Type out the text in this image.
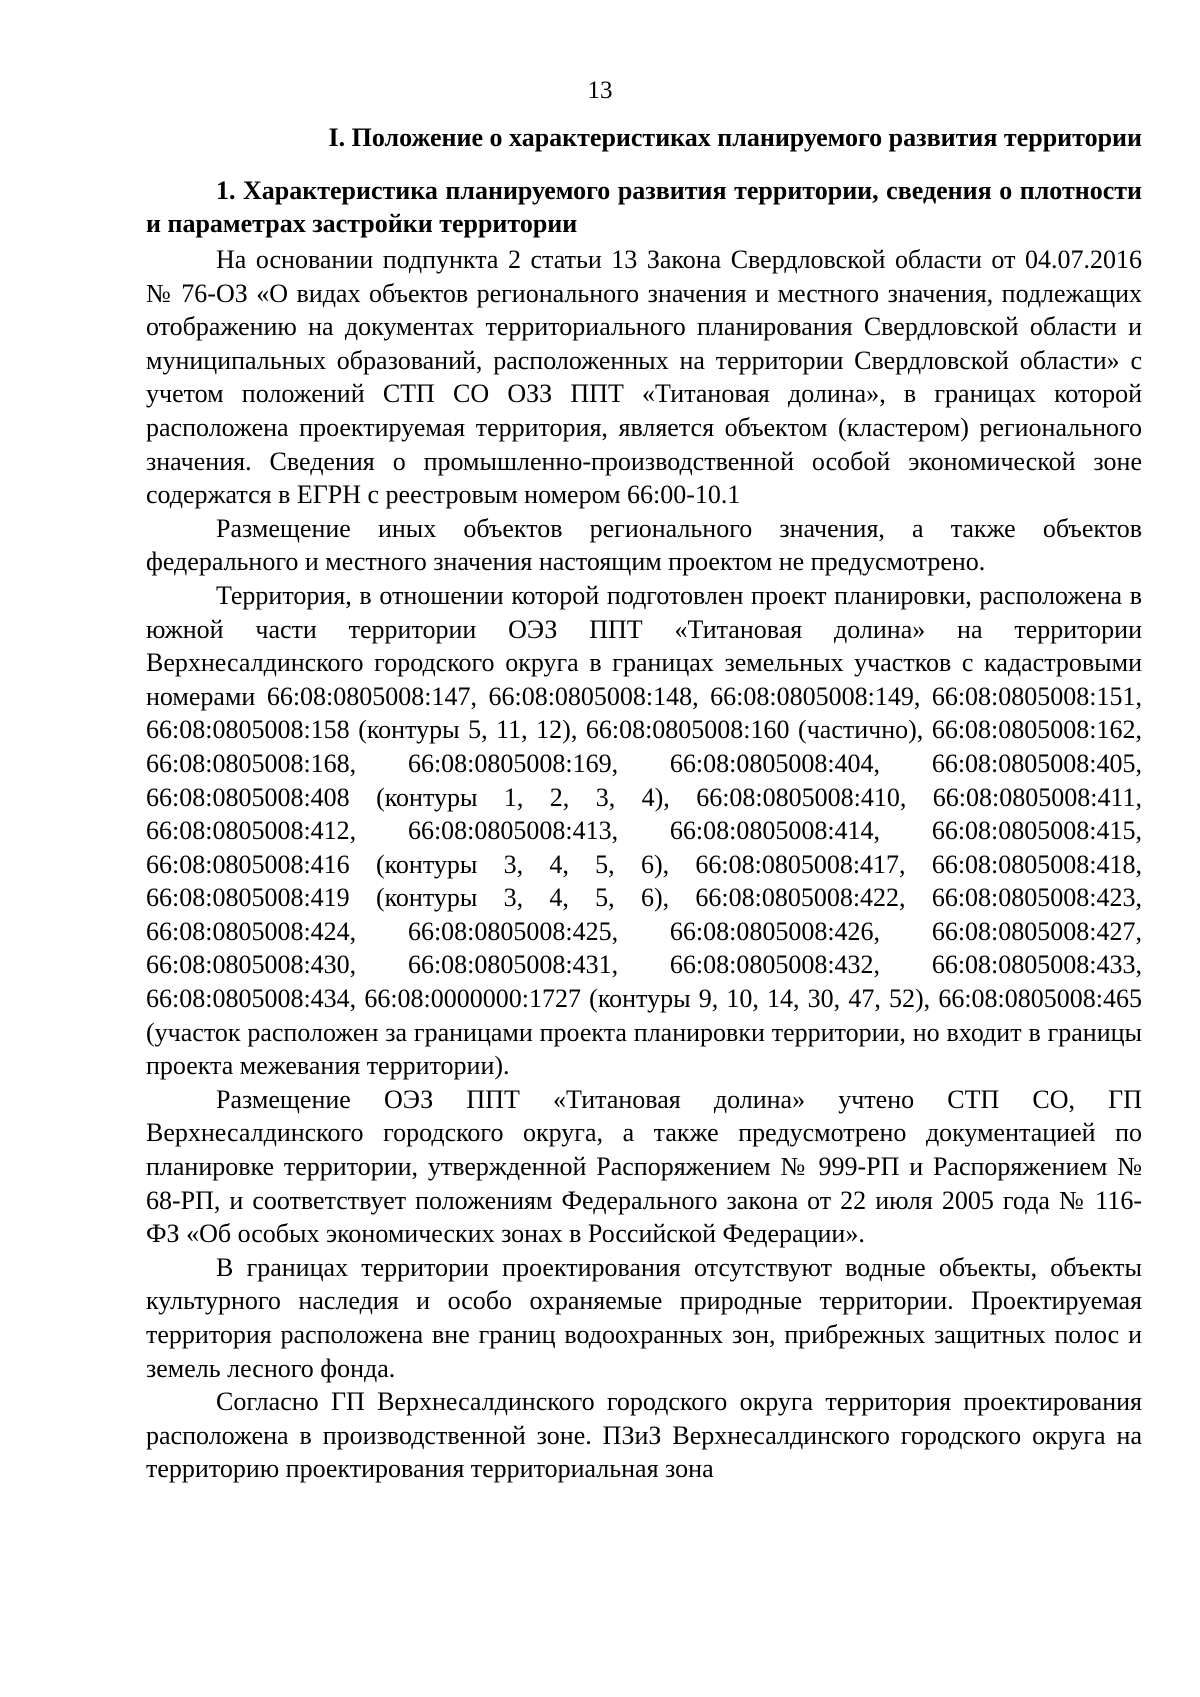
13
I. Положение о характеристиках планируемого развития территории
1. Характеристика планируемого развития территории, сведения о плотности и параметрах застройки территории

На основании подпункта 2 статьи 13 Закона Свердловской области от 04.07.2016 № 76-ОЗ «О видах объектов регионального значения и местного значения, подлежащих отображению на документах территориального планирования Свердловской области и муниципальных образований, расположенных на территории Свердловской области» с учетом положений СТП СО ОЗЗ ППТ «Титановая долина», в границах которой расположена проектируемая территория, является объектом (кластером) регионального значения. Сведения о промышленно-производственной особой экономической зоне содержатся в ЕГРН с реестровым номером 66:00-10.1

Размещение иных объектов регионального значения, а также объектов федерального и местного значения настоящим проектом не предусмотрено.

Территория, в отношении которой подготовлен проект планировки, расположена в южной части территории ОЭЗ ППТ «Титановая долина» на территории Верхнесалдинского городского округа в границах земельных участков с кадастровыми номерами 66:08:0805008:147, 66:08:0805008:148, 66:08:0805008:149, 66:08:0805008:151, 66:08:0805008:158 (контуры 5, 11, 12), 66:08:0805008:160 (частично), 66:08:0805008:162, 66:08:0805008:168, 66:08:0805008:169, 66:08:0805008:404, 66:08:0805008:405, 66:08:0805008:408 (контуры 1, 2, 3, 4), 66:08:0805008:410, 66:08:0805008:411, 66:08:0805008:412, 66:08:0805008:413, 66:08:0805008:414, 66:08:0805008:415, 66:08:0805008:416 (контуры 3, 4, 5, 6), 66:08:0805008:417, 66:08:0805008:418, 66:08:0805008:419 (контуры 3, 4, 5, 6), 66:08:0805008:422, 66:08:0805008:423, 66:08:0805008:424, 66:08:0805008:425, 66:08:0805008:426, 66:08:0805008:427, 66:08:0805008:430, 66:08:0805008:431, 66:08:0805008:432, 66:08:0805008:433, 66:08:0805008:434, 66:08:0000000:1727 (контуры 9, 10, 14, 30, 47, 52), 66:08:0805008:465 (участок расположен за границами проекта планировки территории, но входит в границы проекта межевания территории).

Размещение ОЭЗ ППТ «Титановая долина» учтено СТП СО, ГП Верхнесалдинского городского округа, а также предусмотрено документацией по планировке территории, утвержденной Распоряжением № 999-РП и Распоряжением № 68-РП, и соответствует положениям Федерального закона от 22 июля 2005 года № 116-ФЗ «Об особых экономических зонах в Российской Федерации».

В границах территории проектирования отсутствуют водные объекты, объекты культурного наследия и особо охраняемые природные территории. Проектируемая территория расположена вне границ водоохранных зон, прибрежных защитных полос и земель лесного фонда.

Согласно ГП Верхнесалдинского городского округа территория проектирования расположена в производственной зоне. ПЗиЗ Верхнесалдинского городского округа на территорию проектирования территориальная зона
